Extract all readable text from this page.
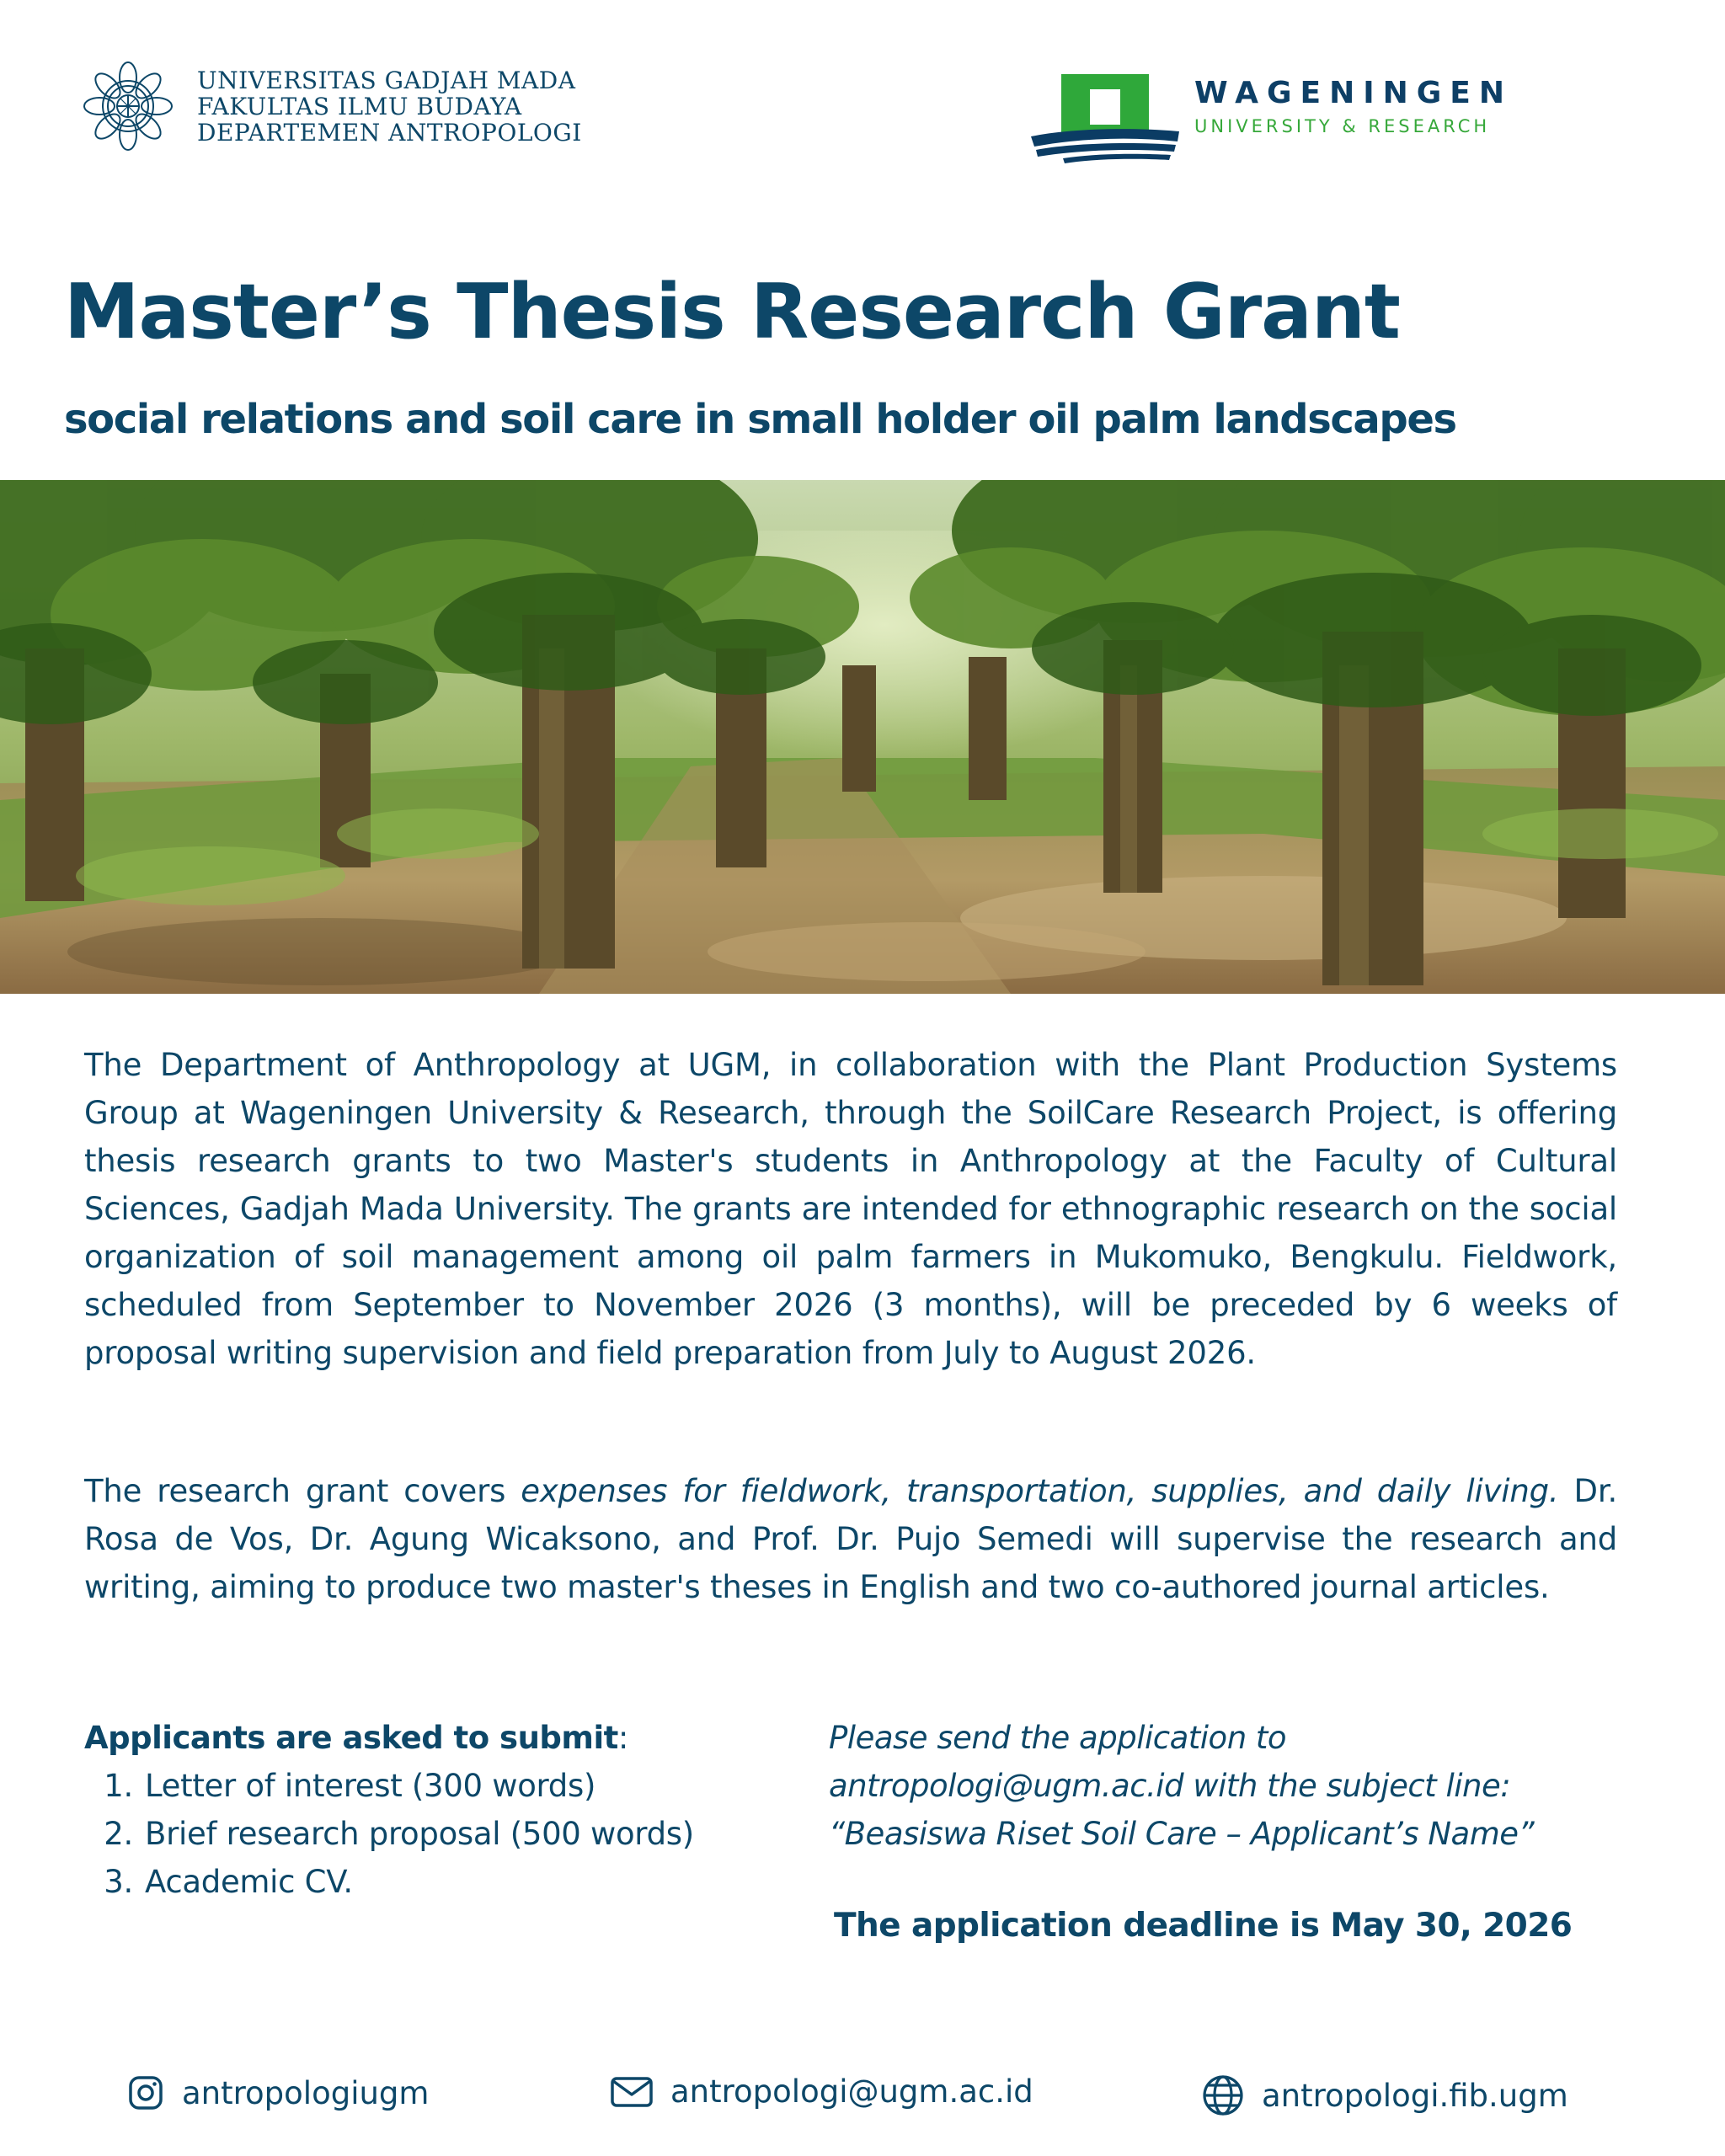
UNIVERSITAS GADJAH MADA
FAKULTAS ILMU BUDAYA
DEPARTEMEN ANTROPOLOGI
WAGENINGEN
UNIVERSITY & RESEARCH
Master’s Thesis Research Grant
social relations and soil care in small holder oil palm landscapes
The Department of Anthropology at UGM, in collaboration with the Plant Production Systems Group at Wageningen University & Research, through the SoilCare Research Project, is offering thesis research grants to two Master's students in Anthropology at the Faculty of Cultural Sciences, Gadjah Mada University. The grants are intended for ethnographic research on the social organization of soil management among oil palm farmers in Mukomuko, Bengkulu. Fieldwork, scheduled from September to November 2026 (3 months), will be preceded by 6 weeks of proposal writing supervision and field preparation from July to August 2026.
The research grant covers expenses for fieldwork, transportation, supplies, and daily living. Dr. Rosa de Vos, Dr. Agung Wicaksono, and Prof. Dr. Pujo Semedi will supervise the research and writing, aiming to produce two master's theses in English and two co-authored journal articles.
Applicants are asked to submit:
1. Letter of interest (300 words)
2. Brief research proposal (500 words)
3. Academic CV.
Please send the application to
antropologi@ugm.ac.id with the subject line:
“Beasiswa Riset Soil Care – Applicant’s Name”
The application deadline is May 30, 2026
antropologiugm	antropologi@ugm.ac.id	antropologi.fib.ugm
